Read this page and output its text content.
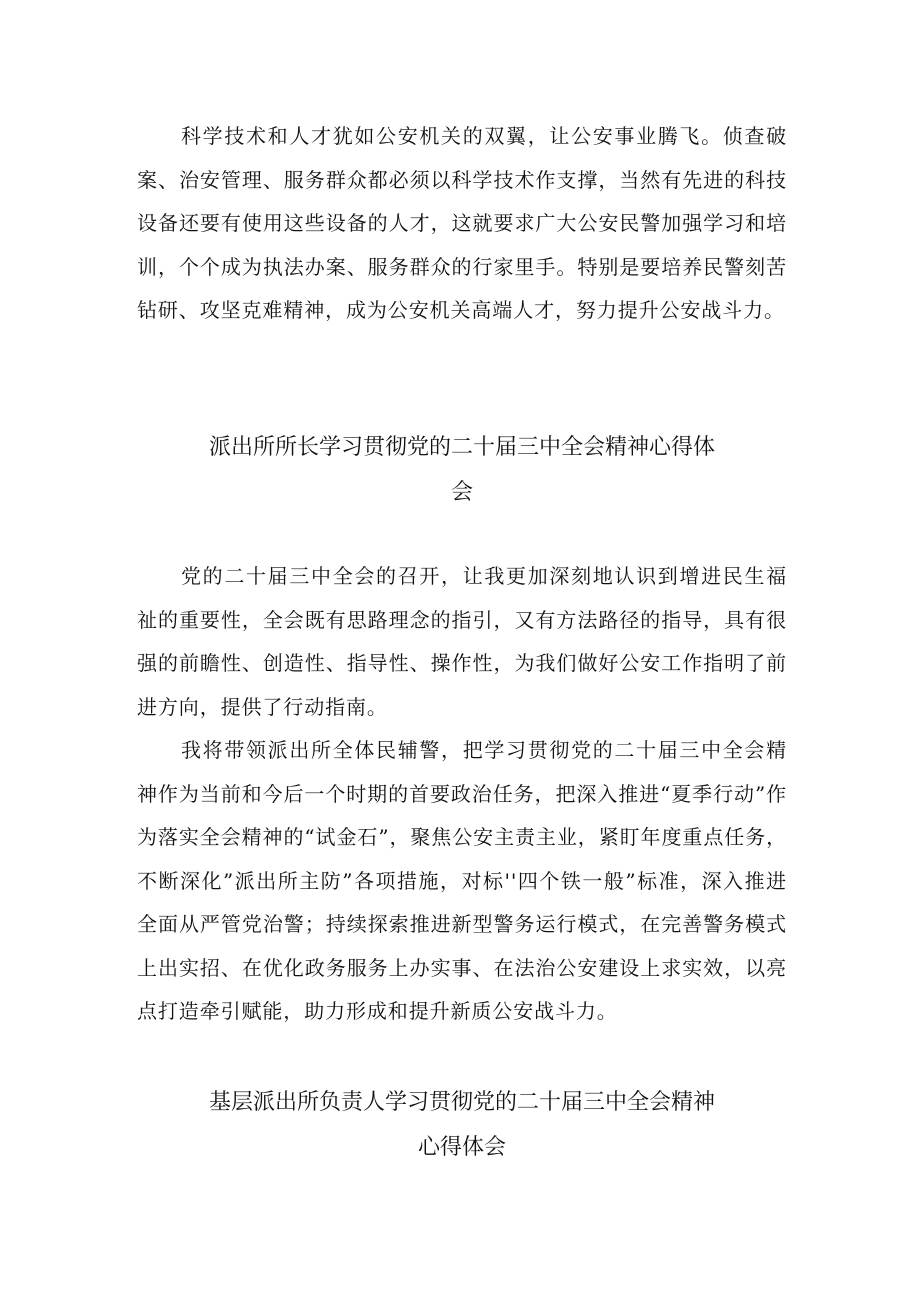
科学技术和人才犹如公安机关的双翼，让公安事业腾飞。侦查破案、治安管理、服务群众都必须以科学技术作支撑，当然有先进的科技设备还要有使用这些设备的人才，这就要求广大公安民警加强学习和培训，个个成为执法办案、服务群众的行家里手。特别是要培养民警刻苦钻研、攻坚克难精神，成为公安机关高端人才，努力提升公安战斗力。

派出所所长学习贯彻党的二十届三中全会精神心得体
会

党的二十届三中全会的召开，让我更加深刻地认识到增进民生福祉的重要性，全会既有思路理念的指引，又有方法路径的指导，具有很强的前瞻性、创造性、指导性、操作性，为我们做好公安工作指明了前进方向，提供了行动指南。

我将带领派出所全体民辅警，把学习贯彻党的二十届三中全会精神作为当前和今后一个时期的首要政治任务，把深入推进“夏季行动”作为落实全会精神的“试金石”，聚焦公安主责主业，紧盯年度重点任务，不断深化”派出所主防”各项措施，对标''四个铁一般”标准，深入推进全面从严管党治警；持续探索推进新型警务运行模式，在完善警务模式上出实招、在优化政务服务上办实事、在法治公安建设上求实效，以亮点打造牵引赋能，助力形成和提升新质公安战斗力。

基层派出所负责人学习贯彻党的二十届三中全会精神
心得体会
